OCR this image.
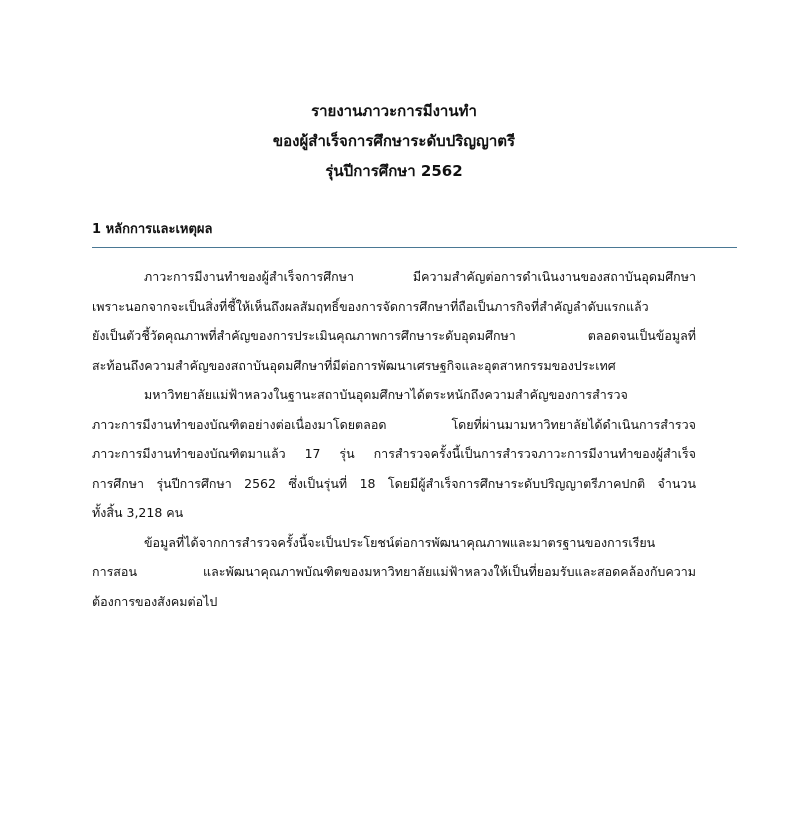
รายงานภาวะการมีงานทำ
ของผู้สำเร็จการศึกษาระดับปริญญาตรี
รุ่นปีการศึกษา 2562
1 หลักการและเหตุผล
ภาวะการมีงานทำของผู้สำเร็จการศึกษา มีความสำคัญต่อการดำเนินงานของสถาบันอุดมศึกษา
เพราะนอกจากจะเป็นสิ่งที่ชี้ให้เห็นถึงผลสัมฤทธิ์ของการจัดการศึกษาที่ถือเป็นภารกิจที่สำคัญลำดับแรกแล้ว
ยังเป็นตัวชี้วัดคุณภาพที่สำคัญของการประเมินคุณภาพการศึกษาระดับอุดมศึกษา ตลอดจนเป็นข้อมูลที่
สะท้อนถึงความสำคัญของสถาบันอุดมศึกษาที่มีต่อการพัฒนาเศรษฐกิจและอุตสาหกรรมของประเทศ
มหาวิทยาลัยแม่ฟ้าหลวงในฐานะสถาบันอุดมศึกษาได้ตระหนักถึงความสำคัญของการสำรวจ
ภาวะการมีงานทำของบัณฑิตอย่างต่อเนื่องมาโดยตลอด โดยที่ผ่านมามหาวิทยาลัยได้ดำเนินการสำรวจ
ภาวะการมีงานทำของบัณฑิตมาแล้ว 17 รุ่น การสำรวจครั้งนี้เป็นการสำรวจภาวะการมีงานทำของผู้สำเร็จ
การศึกษา รุ่นปีการศึกษา 2562 ซึ่งเป็นรุ่นที่ 18 โดยมีผู้สำเร็จการศึกษาระดับปริญญาตรีภาคปกติ จำนวน
ทั้งสิ้น 3,218 คน
ข้อมูลที่ได้จากการสำรวจครั้งนี้จะเป็นประโยชน์ต่อการพัฒนาคุณภาพและมาตรฐานของการเรียน
การสอน และพัฒนาคุณภาพบัณฑิตของมหาวิทยาลัยแม่ฟ้าหลวงให้เป็นที่ยอมรับและสอดคล้องกับความ
ต้องการของสังคมต่อไป
